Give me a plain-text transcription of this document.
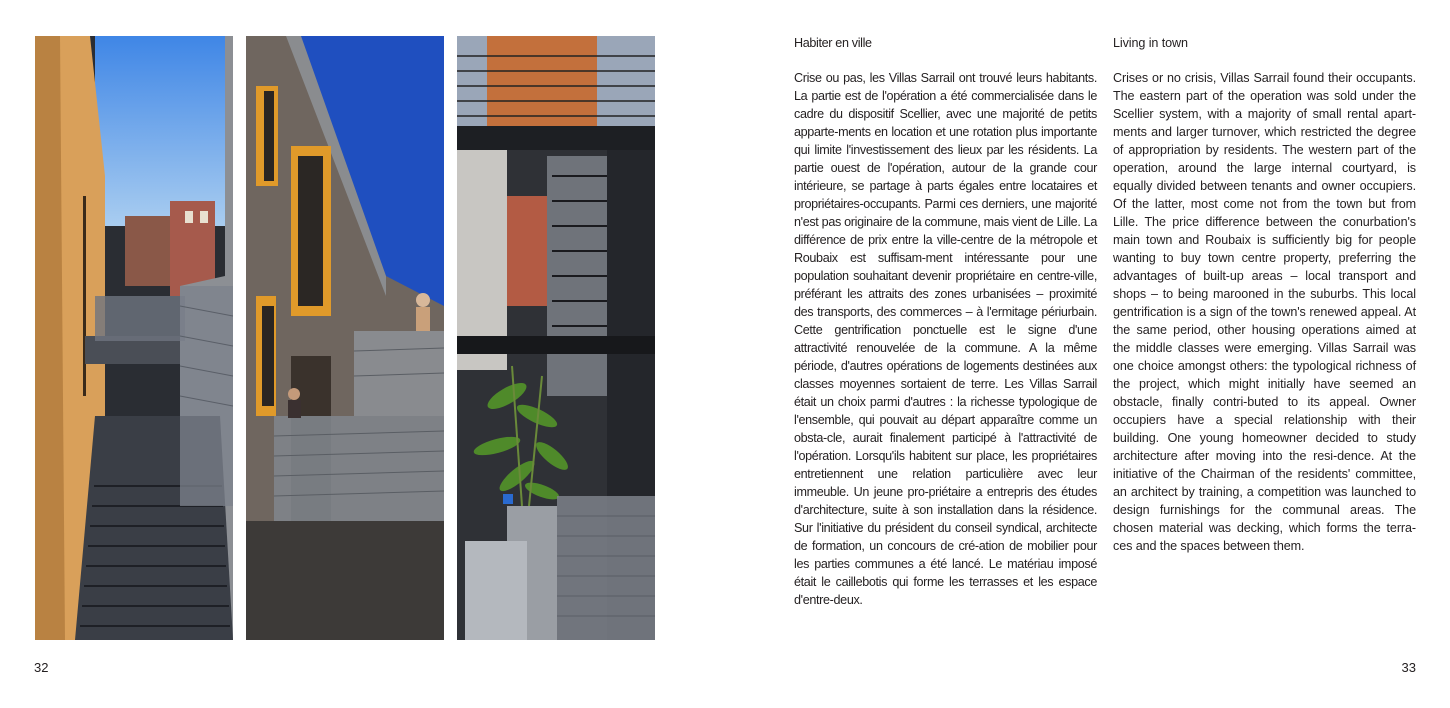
32
Habiter en ville

Crise ou pas, les Villas Sarrail ont trouvé leurs habitants. La partie est de l'opération a été commercialisée dans le cadre du dispositif Scellier, avec une majorité de petits apparte-ments en location et une rotation plus importante qui limite l'investissement des lieux par les résidents. La partie ouest de l'opération, autour de la grande cour intérieure, se partage à parts égales entre locataires et propriétaires-occupants. Parmi ces derniers, une majorité n'est pas originaire de la commune, mais vient de Lille. La différence de prix entre la ville-centre de la métropole et Roubaix est suffisam-ment intéressante pour une population souhaitant devenir propriétaire en centre-ville, préférant les attraits des zones urbanisées – proximité des transports, des commerces – à l'ermitage périurbain. Cette gentrification ponctuelle est le signe d'une attractivité renouvelée de la commune. A la même période, d'autres opérations de logements destinées aux classes moyennes sortaient de terre. Les Villas Sarrail était un choix parmi d'autres : la richesse typologique de l'ensemble, qui pouvait au départ apparaître comme un obsta-cle, aurait finalement participé à l'attractivité de l'opération. Lorsqu'ils habitent sur place, les propriétaires entretiennent une relation particulière avec leur immeuble. Un jeune pro-priétaire a entrepris des études d'architecture, suite à son installation dans la résidence. Sur l'initiative du président du conseil syndical, architecte de formation, un concours de cré-ation de mobilier pour les parties communes a été lancé. Le matériau imposé était le caillebotis qui forme les terrasses et les espace d'entre-deux.

Living in town

Crises or no crisis, Villas Sarrail found their occupants. The eastern part of the operation was sold under the Scellier system, with a majority of small rental apart-ments and larger turnover, which restricted the degree of appropriation by residents. The western part of the operation, around the large internal courtyard, is equally divided between tenants and owner occupiers. Of the latter, most come not from the town but from Lille. The price difference between the conurbation's main town and Roubaix is sufficiently big for people wanting to buy town centre property, preferring the advantages of built-up areas – local transport and shops – to being marooned in the suburbs. This local gentrification is a sign of the town's renewed appeal. At the same period, other housing operations aimed at the middle classes were emerging. Villas Sarrail was one choice amongst others: the typological richness of the project, which might initially have seemed an obstacle, finally contri-buted to its appeal. Owner occupiers have a special relationship with their building. One young homeowner decided to study architecture after moving into the resi-dence. At the initiative of the Chairman of the residents' committee, an architect by training, a competition was launched to design furnishings for the communal areas. The chosen material was decking, which forms the terra-ces and the spaces between them.

33
